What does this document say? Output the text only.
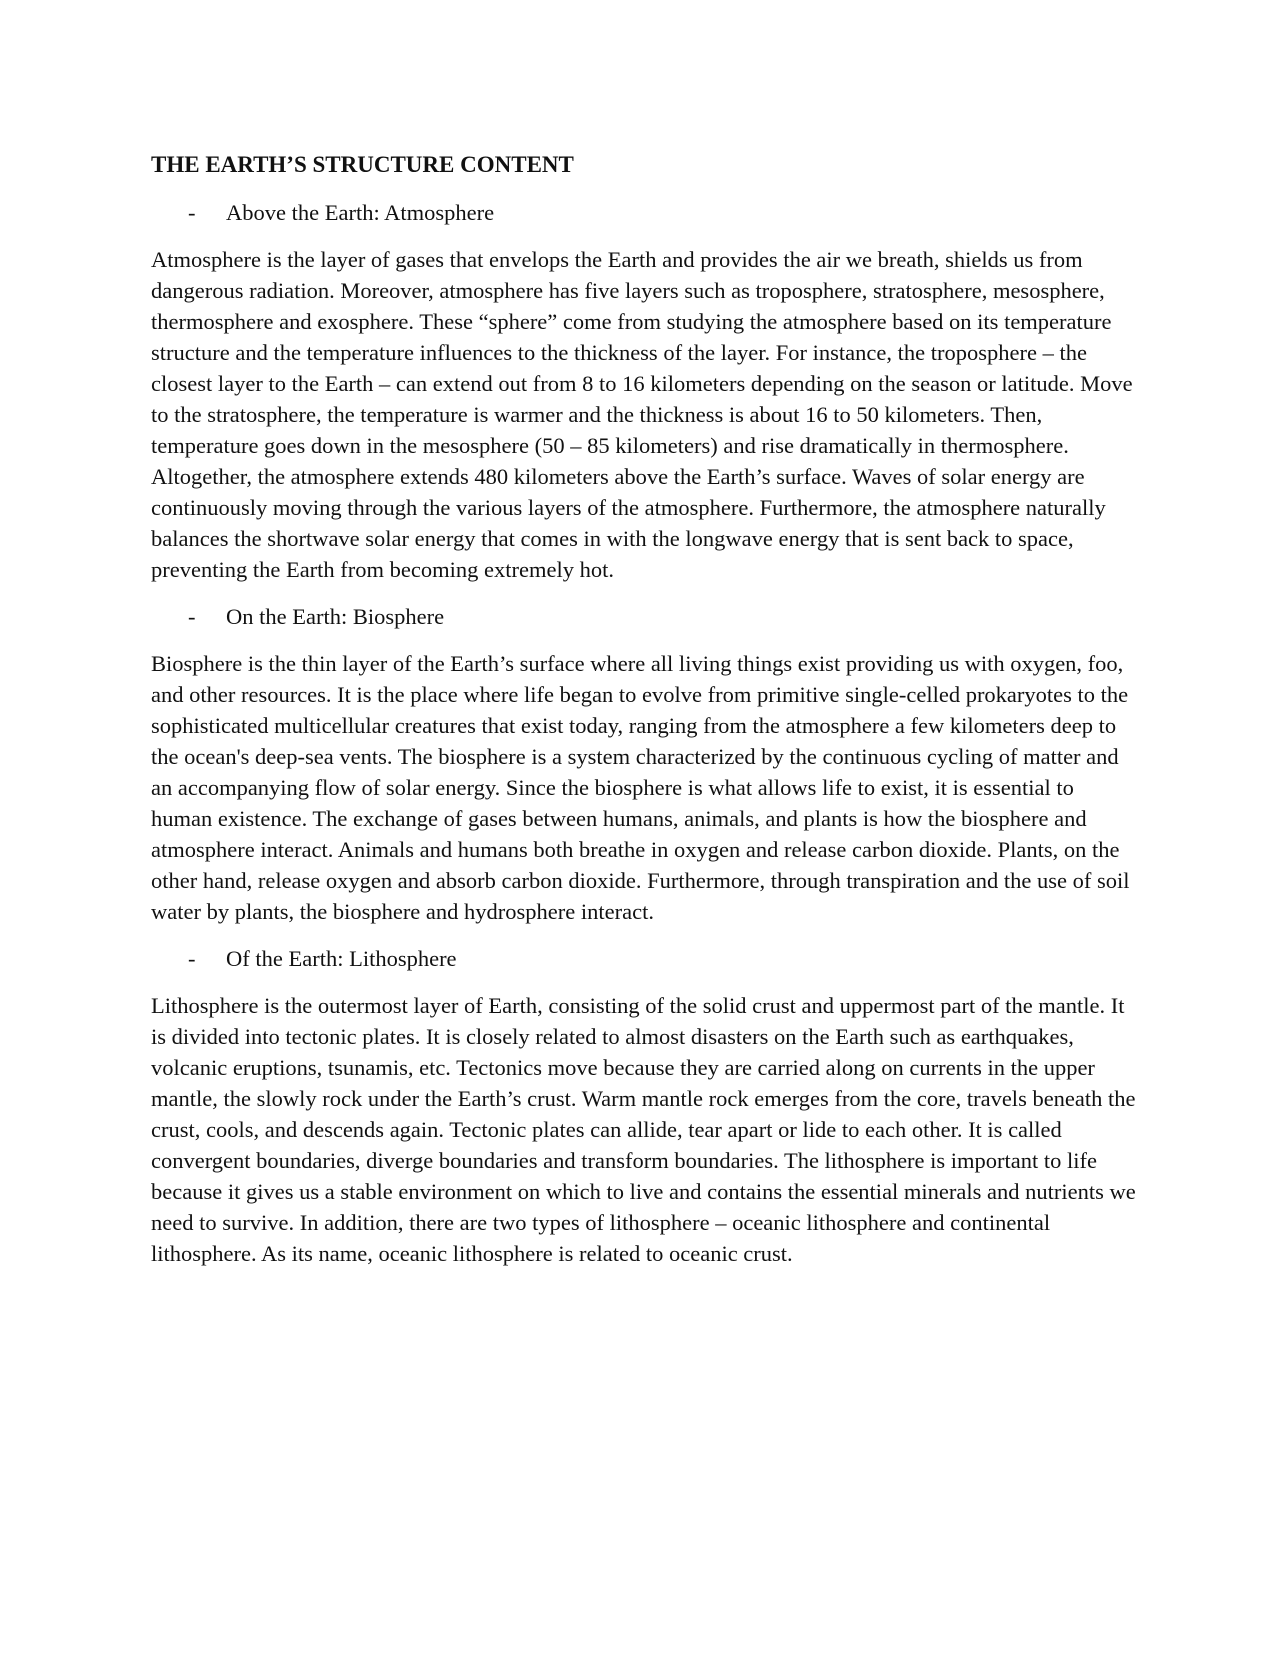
THE EARTH’S STRUCTURE CONTENT
-	Above the Earth: Atmosphere

Atmosphere is the layer of gases that envelops the Earth and provides the air we breath, shields us from dangerous radiation. Moreover, atmosphere has five layers such as troposphere, stratosphere, mesosphere, thermosphere and exosphere. These “sphere” come from studying the atmosphere based on its temperature structure and the temperature influences to the thickness of the layer. For instance, the troposphere – the closest layer to the Earth – can extend out from 8 to 16 kilometers depending on the season or latitude. Move to the stratosphere, the temperature is warmer and the thickness is about 16 to 50 kilometers. Then, temperature goes down in the mesosphere (50 – 85 kilometers) and rise dramatically in thermosphere. Altogether, the atmosphere extends 480 kilometers above the Earth’s surface. Waves of solar energy are continuously moving through the various layers of the atmosphere. Furthermore, the atmosphere naturally balances the shortwave solar energy that comes in with the longwave energy that is sent back to space, preventing the Earth from becoming extremely hot.

-	On the Earth: Biosphere

Biosphere is the thin layer of the Earth’s surface where all living things exist providing us with oxygen, foo, and other resources. It is the place where life began to evolve from primitive single-celled prokaryotes to the sophisticated multicellular creatures that exist today, ranging from the atmosphere a few kilometers deep to the ocean's deep-sea vents. The biosphere is a system characterized by the continuous cycling of matter and an accompanying flow of solar energy. Since the biosphere is what allows life to exist, it is essential to human existence. The exchange of gases between humans, animals, and plants is how the biosphere and atmosphere interact. Animals and humans both breathe in oxygen and release carbon dioxide. Plants, on the other hand, release oxygen and absorb carbon dioxide. Furthermore, through transpiration and the use of soil water by plants, the biosphere and hydrosphere interact.

-	Of the Earth: Lithosphere

Lithosphere is the outermost layer of Earth, consisting of the solid crust and uppermost part of the mantle. It is divided into tectonic plates. It is closely related to almost disasters on the Earth such as earthquakes, volcanic eruptions, tsunamis, etc. Tectonics move because they are carried along on currents in the upper mantle, the slowly rock under the Earth’s crust. Warm mantle rock emerges from the core, travels beneath the crust, cools, and descends again. Tectonic plates can allide, tear apart or lide to each other. It is called convergent boundaries, diverge boundaries and transform boundaries. The lithosphere is important to life because it gives us a stable environment on which to live and contains the essential minerals and nutrients we need to survive. In addition, there are two types of lithosphere – oceanic lithosphere and continental lithosphere. As its name, oceanic lithosphere is related to oceanic crust.
